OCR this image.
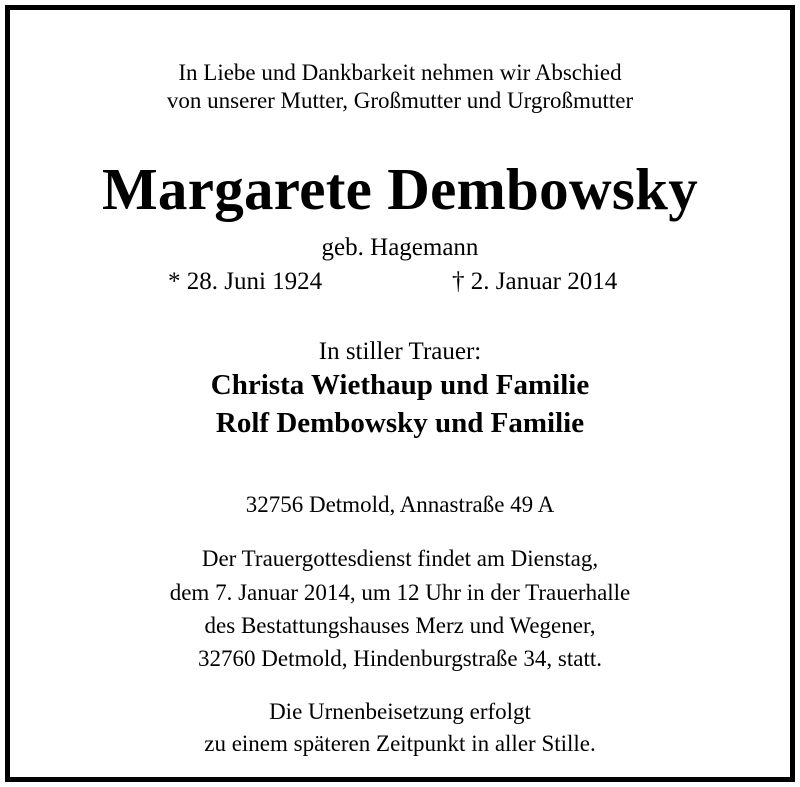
In Liebe und Dankbarkeit nehmen wir Abschied
von unserer Mutter, Großmutter und Urgroßmutter
Margarete Dembowsky
geb. Hagemann
* 28. Juni 1924	† 2. Januar 2014
In stiller Trauer:
Christa Wiethaup und Familie
Rolf Dembowsky und Familie
32756 Detmold, Annastraße 49 A
Der Trauergottesdienst findet am Dienstag,
dem 7. Januar 2014, um 12 Uhr in der Trauerhalle
des Bestattungshauses Merz und Wegener,
32760 Detmold, Hindenburgstraße 34, statt.
Die Urnenbeisetzung erfolgt
zu einem späteren Zeitpunkt in aller Stille.
